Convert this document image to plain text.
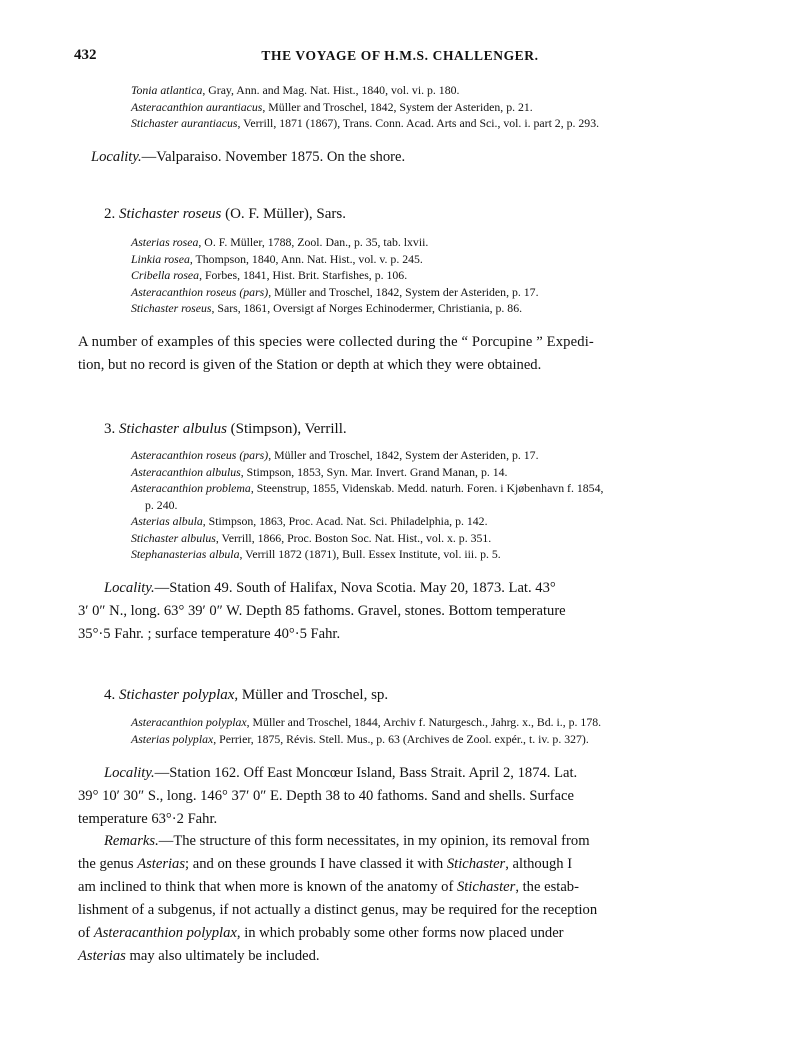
432	THE VOYAGE OF H.M.S. CHALLENGER.

Tonia atlantica, Gray, Ann. and Mag. Nat. Hist., 1840, vol. vi. p. 180.

Asteracanthion aurantiacus, Müller and Troschel, 1842, System der Asteriden, p. 21.

Stichaster aurantiacus, Verrill, 1871 (1867), Trans. Conn. Acad. Arts and Sci., vol. i. part 2, p. 293.

Locality.—Valparaiso. November 1875. On the shore.

2. Stichaster roseus (O. F. Müller), Sars.

Asterias rosea, O. F. Müller, 1788, Zool. Dan., p. 35, tab. lxvii.

Linkia rosea, Thompson, 1840, Ann. Nat. Hist., vol. v. p. 245.

Cribella rosea, Forbes, 1841, Hist. Brit. Starfishes, p. 106.

Asteracanthion roseus (pars), Müller and Troschel, 1842, System der Asteriden, p. 17.

Stichaster roseus, Sars, 1861, Oversigt af Norges Echinodermer, Christiania, p. 86.

A number of examples of this species were collected during the “ Porcupine ” Expedi-

tion, but no record is given of the Station or depth at which they were obtained.

3. Stichaster albulus (Stimpson), Verrill.

Asteracanthion roseus (pars), Müller and Troschel, 1842, System der Asteriden, p. 17.

Asteracanthion albulus, Stimpson, 1853, Syn. Mar. Invert. Grand Manan, p. 14.

Asteracanthion problema, Steenstrup, 1855, Videnskab. Medd. naturh. Foren. i Kjøbenhavn f. 1854,

p. 240.

Asterias albula, Stimpson, 1863, Proc. Acad. Nat. Sci. Philadelphia, p. 142.

Stichaster albulus, Verrill, 1866, Proc. Boston Soc. Nat. Hist., vol. x. p. 351.

Stephanasterias albula, Verrill 1872 (1871), Bull. Essex Institute, vol. iii. p. 5.

Locality.—Station 49. South of Halifax, Nova Scotia. May 20, 1873. Lat. 43°

3′ 0″ N., long. 63° 39′ 0″ W. Depth 85 fathoms. Gravel, stones. Bottom temperature

35°·5 Fahr. ; surface temperature 40°·5 Fahr.

4. Stichaster polyplax, Müller and Troschel, sp.

Asteracanthion polyplax, Müller and Troschel, 1844, Archiv f. Naturgesch., Jahrg. x., Bd. i., p. 178.

Asterias polyplax, Perrier, 1875, Révis. Stell. Mus., p. 63 (Archives de Zool. expér., t. iv. p. 327).

Locality.—Station 162. Off East Moncœur Island, Bass Strait. April 2, 1874. Lat.

39° 10′ 30″ S., long. 146° 37′ 0″ E. Depth 38 to 40 fathoms. Sand and shells. Surface

temperature 63°·2 Fahr.

Remarks.—The structure of this form necessitates, in my opinion, its removal from

the genus Asterias; and on these grounds I have classed it with Stichaster, although I

am inclined to think that when more is known of the anatomy of Stichaster, the estab-

lishment of a subgenus, if not actually a distinct genus, may be required for the reception

of Asteracanthion polyplax, in which probably some other forms now placed under

Asterias may also ultimately be included.
